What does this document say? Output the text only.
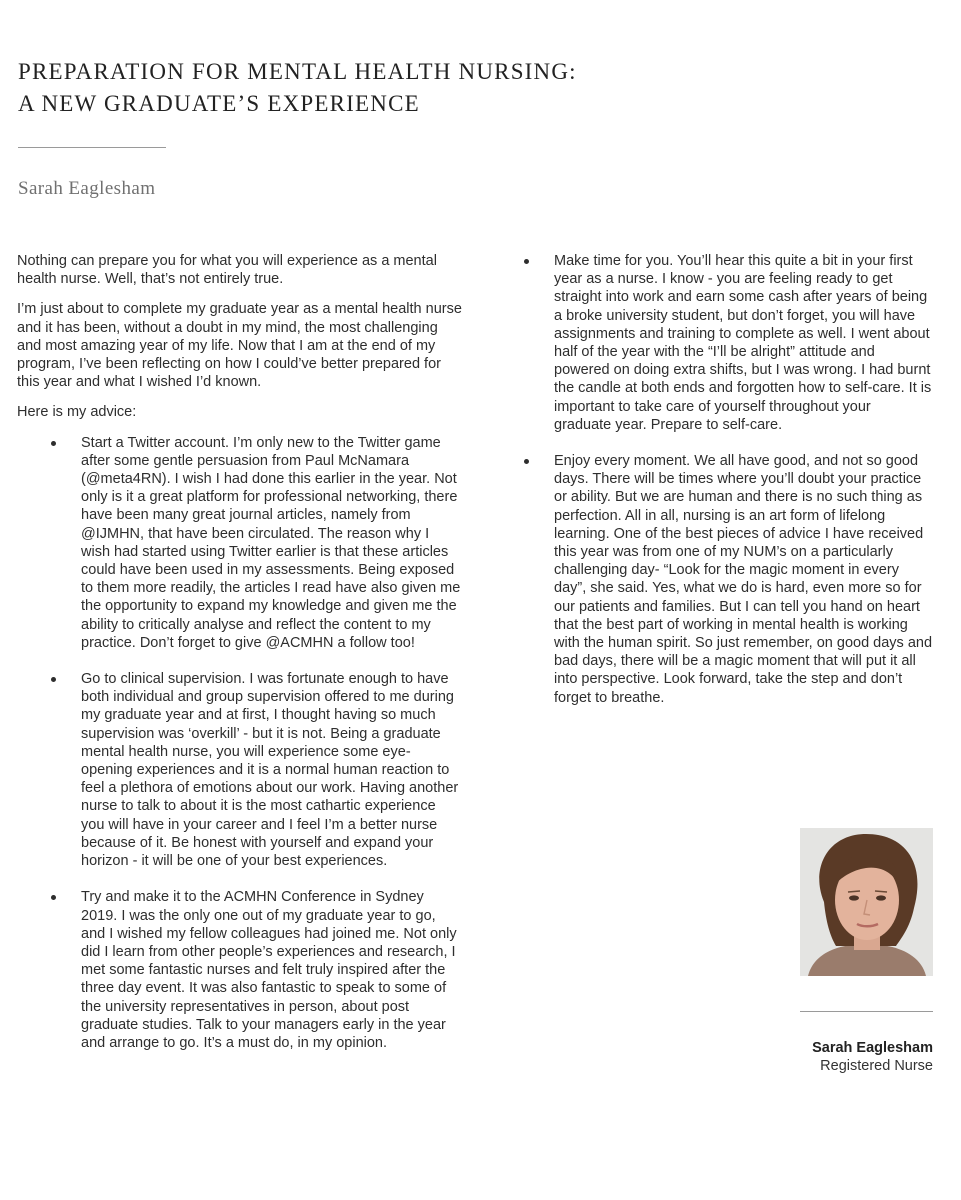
PREPARATION FOR MENTAL HEALTH NURSING:
A NEW GRADUATE’S EXPERIENCE
Sarah Eaglesham

Nothing can prepare you for what you will experience as a mental health nurse. Well, that’s not entirely true.

I’m just about to complete my graduate year as a mental health nurse and it has been, without a doubt in my mind, the most challenging and most amazing year of my life. Now that I am at the end of my program, I’ve been reflecting on how I could’ve better prepared for this year and what I wished I’d known.

Here is my advice:

Start a Twitter account. I’m only new to the Twitter game after some gentle persuasion from Paul McNamara (@meta4RN). I wish I had done this earlier in the year. Not only is it a great platform for professional networking, there have been many great journal articles, namely from @IJMHN, that have been circulated. The reason why I wish had started using Twitter earlier is that these articles could have been used in my assessments. Being exposed to them more readily, the articles I read have also given me the opportunity to expand my knowledge and given me the ability to critically analyse and reflect the content to my practice. Don’t forget to give @ACMHN a follow too!
Go to clinical supervision. I was fortunate enough to have both individual and group supervision offered to me during my graduate year and at first, I thought having so much supervision was ‘overkill’ - but it is not. Being a graduate mental health nurse, you will experience some eye-opening experiences and it is a normal human reaction to feel a plethora of emotions about our work. Having another nurse to talk to about it is the most cathartic experience you will have in your career and I feel I’m a better nurse because of it. Be honest with yourself and expand your horizon - it will be one of your best experiences.
Try and make it to the ACMHN Conference in Sydney 2019. I was the only one out of my graduate year to go, and I wished my fellow colleagues had joined me. Not only did I learn from other people’s experiences and research, I met some fantastic nurses and felt truly inspired after the three day event. It was also fantastic to speak to some of the university representatives in person, about post graduate studies. Talk to your managers early in the year and arrange to go. It’s a must do, in my opinion.
Make time for you. You’ll hear this quite a bit in your first year as a nurse. I know - you are feeling ready to get straight into work and earn some cash after years of being a broke university student, but don’t forget, you will have assignments and training to complete as well. I went about half of the year with the “I’ll be alright” attitude and powered on doing extra shifts, but I was wrong. I had burnt the candle at both ends and forgotten how to self-care. It is important to take care of yourself throughout your graduate year. Prepare to self-care.
Enjoy every moment. We all have good, and not so good days. There will be times where you’ll doubt your practice or ability. But we are human and there is no such thing as perfection. All in all, nursing is an art form of lifelong learning. One of the best pieces of advice I have received this year was from one of my NUM’s on a particularly challenging day- “Look for the magic moment in every day”, she said. Yes, what we do is hard, even more so for our patients and families. But I can tell you hand on heart that the best part of working in mental health is working with the human spirit. So just remember, on good days and bad days, there will be a magic moment that will put it all into perspective. Look forward, take the step and don’t forget to breathe.
Sarah Eaglesham
Registered Nurse
